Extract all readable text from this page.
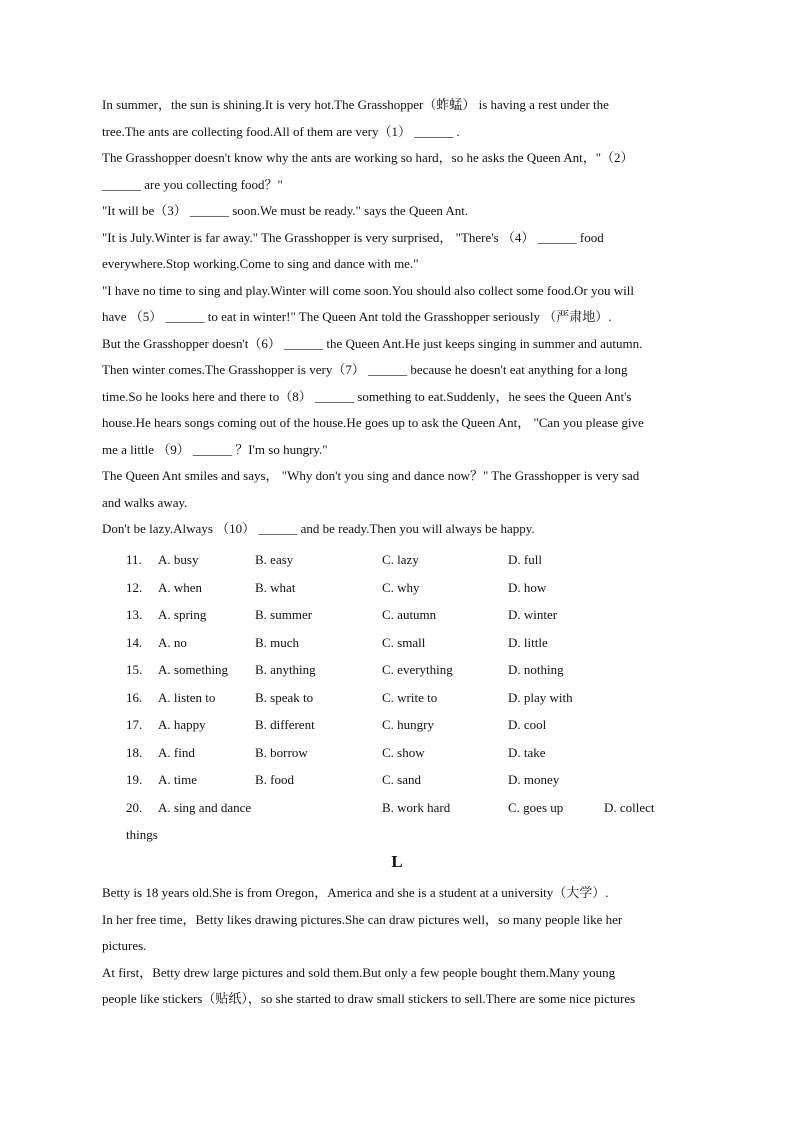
In summer，the sun is shining.It is very hot.The Grasshopper（蚱蜢） is having a rest under the
tree.The ants are collecting food.All of them are very（1） ______ .
The Grasshopper doesn't know why the ants are working so hard，so he asks the Queen Ant，"（2）
______ are you collecting food？"
"It will be（3） ______ soon.We must be ready." says the Queen Ant.
"It is July.Winter is far away." The Grasshopper is very surprised， "There's （4） ______ food
everywhere.Stop working.Come to sing and dance with me."
"I have no time to sing and play.Winter will come soon.You should also collect some food.Or you will
have （5） ______ to eat in winter!" The Queen Ant told the Grasshopper seriously （严肃地）.
But the Grasshopper doesn't（6） ______ the Queen Ant.He just keeps singing in summer and autumn.
Then winter comes.The Grasshopper is very（7） ______ because he doesn't eat anything for a long
time.So he looks here and there to（8） ______ something to eat.Suddenly，he sees the Queen Ant's
house.He hears songs coming out of the house.He goes up to ask the Queen Ant， "Can you please give
me a little （9） ______ ？I'm so hungry."
The Queen Ant smiles and says， "Why don't you sing and dance now？" The Grasshopper is very sad
and walks away.
Don't be lazy.Always （10） ______ and be ready.Then you will always be happy.
11. A. busy	B. easy	C. lazy	D. full
12. A. when	B. what	C. why	D. how
13. A. spring	B. summer	C. autumn	D. winter
14. A. no	B. much	C. small	D. little
15. A. something B. anything	C. everything	D. nothing
16. A. listen to	B. speak to	C. write to	D. play with
17. A. happy	B. different	C. hungry	D. cool
18. A. find	B. borrow	C. show	D. take
19. A. time	B. food	C. sand	D. money
20. A. sing and dance	B. work hard	C. goes up	D. collect
things
L
Betty is 18 years old.She is from Oregon，America and she is a student at a university（大学）.
In her free time，Betty likes drawing pictures.She can draw pictures well，so many people like her
pictures.
At first，Betty drew large pictures and sold them.But only a few people bought them.Many young
people like stickers（贴纸），so she started to draw small stickers to sell.There are some nice pictures
